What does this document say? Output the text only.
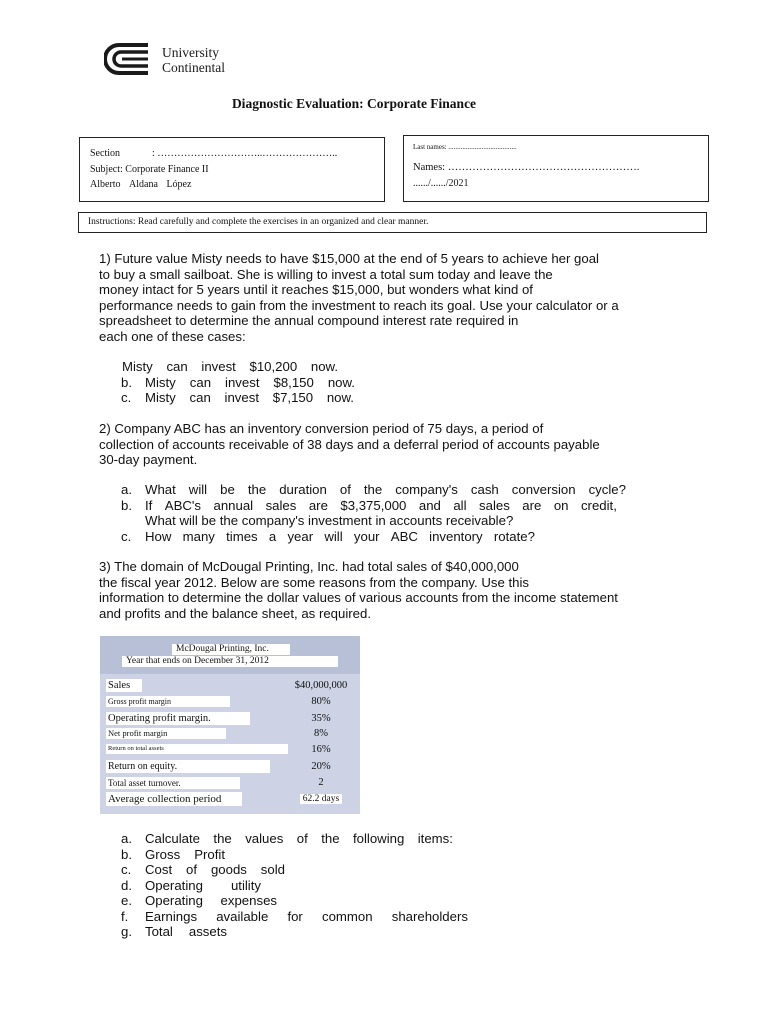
University
Continental
Diagnostic Evaluation: Corporate Finance
Section	: …………………………..…………………..
Subject: Corporate Finance II
Alberto Aldana López
Last names: .......................................
Names: ……………………………………………….
....../....../2021
Instructions: Read carefully and complete the exercises in an organized and clear manner.
1) Future value Misty needs to have $15,000 at the end of 5 years to achieve her goal
to buy a small sailboat. She is willing to invest a total sum today and leave the
money intact for 5 years until it reaches $15,000, but wonders what kind of
performance needs to gain from the investment to reach its goal. Use your calculator or a
spreadsheet to determine the annual compound interest rate required in
each one of these cases:
Misty can invest $10,200 now.
b. Misty can invest $8,150 now.
c. Misty can invest $7,150 now.
2) Company ABC has an inventory conversion period of 75 days, a period of
collection of accounts receivable of 38 days and a deferral period of accounts payable
30-day payment.
a. What will be the duration of the company's cash conversion cycle?
b. If ABC's annual sales are $3,375,000 and all sales are on credit,
What will be the company's investment in accounts receivable?
c. How many times a year will your ABC inventory rotate?
3) The domain of McDougal Printing, Inc. had total sales of $40,000,000
the fiscal year 2012. Below are some reasons from the company. Use this
information to determine the dollar values of various accounts from the income statement
and profits and the balance sheet, as required.
McDougal Printing, Inc.
Year that ends on December 31, 2012
Sales	$40,000,000
Gross profit margin	80%
Operating profit margin.	35%
Net profit margin	8%
Return on total assets	16%
Return on equity.	20%
Total asset turnover.	2
Average collection period	62.2 days
a. Calculate the values of the following items:
b. Gross Profit
c. Cost of goods sold
d. Operating utility
e. Operating expenses
f. Earnings available for common shareholders
g. Total assets
